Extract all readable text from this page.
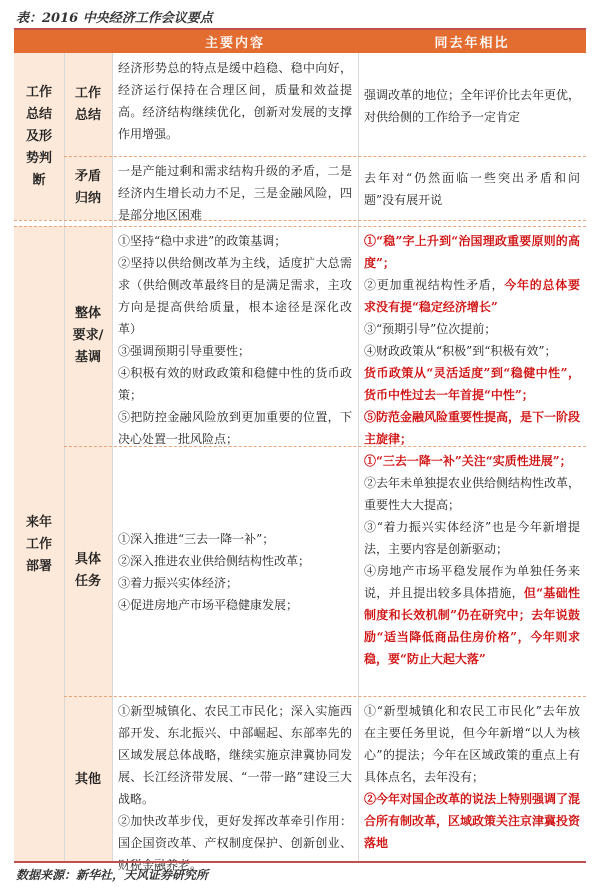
表：2016 中央经济工作会议要点
主要内容	同去年相比
工作总结及形势判断
工作总结
经济形势总的特点是缓中趋稳、稳中向好，经济运行保持在合理区间，质量和效益提高。经济结构继续优化，创新对发展的支撑作用增强。
强调改革的地位；全年评价比去年更优，对供给侧的工作给予一定肯定
矛盾归纳
一是产能过剩和需求结构升级的矛盾，二是经济内生增长动力不足，三是金融风险，四是部分地区困难
去年对“仍然面临一些突出矛盾和问题”没有展开说
来年工作部署
整体要求/基调
①坚持“稳中求进”的政策基调；
②坚持以供给侧改革为主线，适度扩大总需求（供给侧改革最终目的是满足需求，主攻方向是提高供给质量，根本途径是深化改革）
③强调预期引导重要性；
④积极有效的财政政策和稳健中性的货币政策；
⑤把防控金融风险放到更加重要的位置，下决心处置一批风险点；
①“稳”字上升到“治国理政重要原则的高度”；
②更加重视结构性矛盾，今年的总体要求没有提“稳定经济增长”
③“预期引导”位次提前；
④财政政策从“积极”到“积极有效”；
货币政策从“灵活适度”到“稳健中性”，货币中性过去一年首提“中性”；
⑤防范金融风险重要性提高，是下一阶段主旋律；
具体任务
①深入推进“三去一降一补”；
②深入推进农业供给侧结构性改革；
③着力振兴实体经济；
④促进房地产市场平稳健康发展；
①“三去一降一补”关注“实质性进展”；
②去年未单独提农业供给侧结构性改革，重要性大大提高；
③“着力振兴实体经济”也是今年新增提法，主要内容是创新驱动；
④房地产市场平稳发展作为单独任务来说，并且提出较多具体措施，但“基础性制度和长效机制”仍在研究中；去年说鼓励“适当降低商品住房价格”，今年则求稳，要“防止大起大落”
其他
①新型城镇化、农民工市民化；深入实施西部开发、东北振兴、中部崛起、东部率先的区域发展总体战略，继续实施京津冀协同发展、长江经济带发展、“一带一路”建设三大战略。
②加快改革步伐，更好发挥改革牵引作用：国企国资改革、产权制度保护、创新创业、财税金融养老。
①“新型城镇化和农民工市民化”去年放在主要任务里说，但今年新增“以人为核心”的提法；今年在区域政策的重点上有具体点名，去年没有；
②今年对国企改革的说法上特别强调了混合所有制改革，区域政策关注京津冀投资落地
数据来源：新华社，天风证券研究所
